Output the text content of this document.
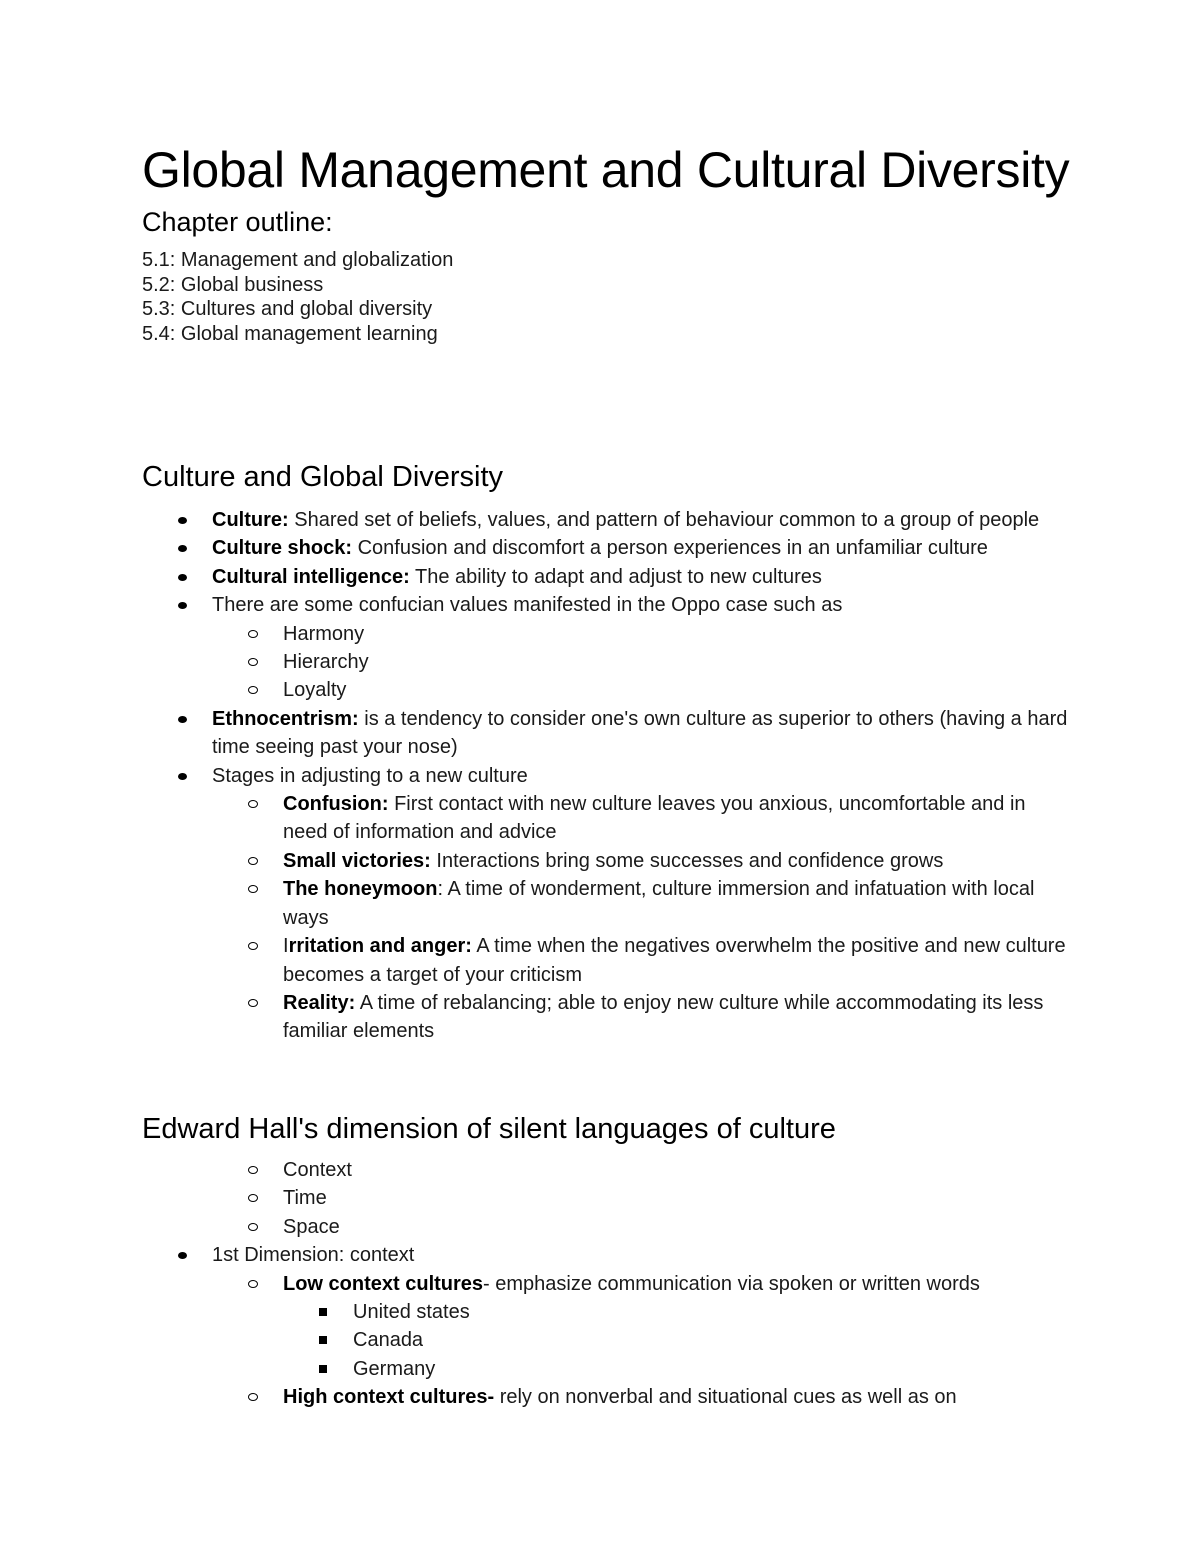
Global Management and Cultural Diversity
Chapter outline:
5.1: Management and globalization
5.2: Global business
5.3: Cultures and global diversity
5.4: Global management learning
Culture and Global Diversity
Culture: Shared set of beliefs, values, and pattern of behaviour common to a group of people
Culture shock: Confusion and discomfort a person experiences in an unfamiliar culture
Cultural intelligence: The ability to adapt and adjust to new cultures
There are some confucian values manifested in the Oppo case such as
Harmony
Hierarchy
Loyalty
Ethnocentrism: is a tendency to consider one's own culture as superior to others (having a hard time seeing past your nose)
Stages in adjusting to a new culture
Confusion: First contact with new culture leaves you anxious, uncomfortable and in need of information and advice
Small victories: Interactions bring some successes and confidence grows
The honeymoon: A time of wonderment, culture immersion and infatuation with local ways
Irritation and anger: A time when the negatives overwhelm the positive and new culture becomes a target of your criticism
Reality: A time of rebalancing; able to enjoy new culture while accommodating its less familiar elements
Edward Hall's dimension of silent languages of culture
Context
Time
Space
1st Dimension: context
Low context cultures- emphasize communication via spoken or written words
United states
Canada
Germany
High context cultures- rely on nonverbal and situational cues as well as on
